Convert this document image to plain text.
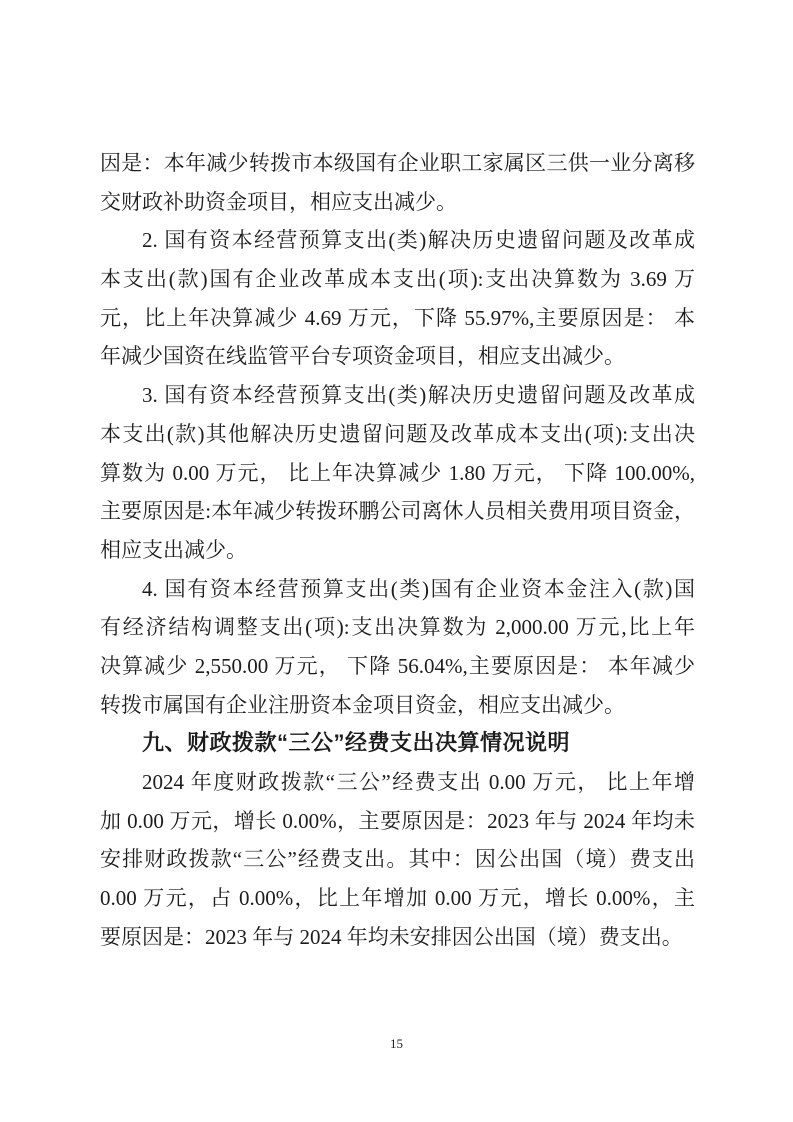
因是：本年减少转拨市本级国有企业职工家属区三供一业分离移
交财政补助资金项目，相应支出减少。
2. 国有资本经营预算支出(类)解决历史遗留问题及改革成
本支出(款)国有企业改革成本支出(项):支出决算数为 3.69 万
元，比上年决算减少 4.69 万元，下降 55.97%,主要原因是： 本
年减少国资在线监管平台专项资金项目，相应支出减少。
3. 国有资本经营预算支出(类)解决历史遗留问题及改革成
本支出(款)其他解决历史遗留问题及改革成本支出(项):支出决
算数为 0.00 万元， 比上年决算减少 1.80 万元， 下降 100.00%,
主要原因是:本年减少转拨环鹏公司离休人员相关费用项目资金，
相应支出减少。
4. 国有资本经营预算支出(类)国有企业资本金注入(款)国
有经济结构调整支出(项):支出决算数为 2,000.00 万元,比上年
决算减少 2,550.00 万元， 下降 56.04%,主要原因是： 本年减少
转拨市属国有企业注册资本金项目资金，相应支出减少。
九、财政拨款“三公”经费支出决算情况说明
2024 年度财政拨款“三公”经费支出 0.00 万元， 比上年增
加 0.00 万元，增长 0.00%，主要原因是：2023 年与 2024 年均未
安排财政拨款“三公”经费支出。其中：因公出国（境）费支出
0.00 万元，占 0.00%，比上年增加 0.00 万元，增长 0.00%，主
要原因是：2023 年与 2024 年均未安排因公出国（境）费支出。
15
